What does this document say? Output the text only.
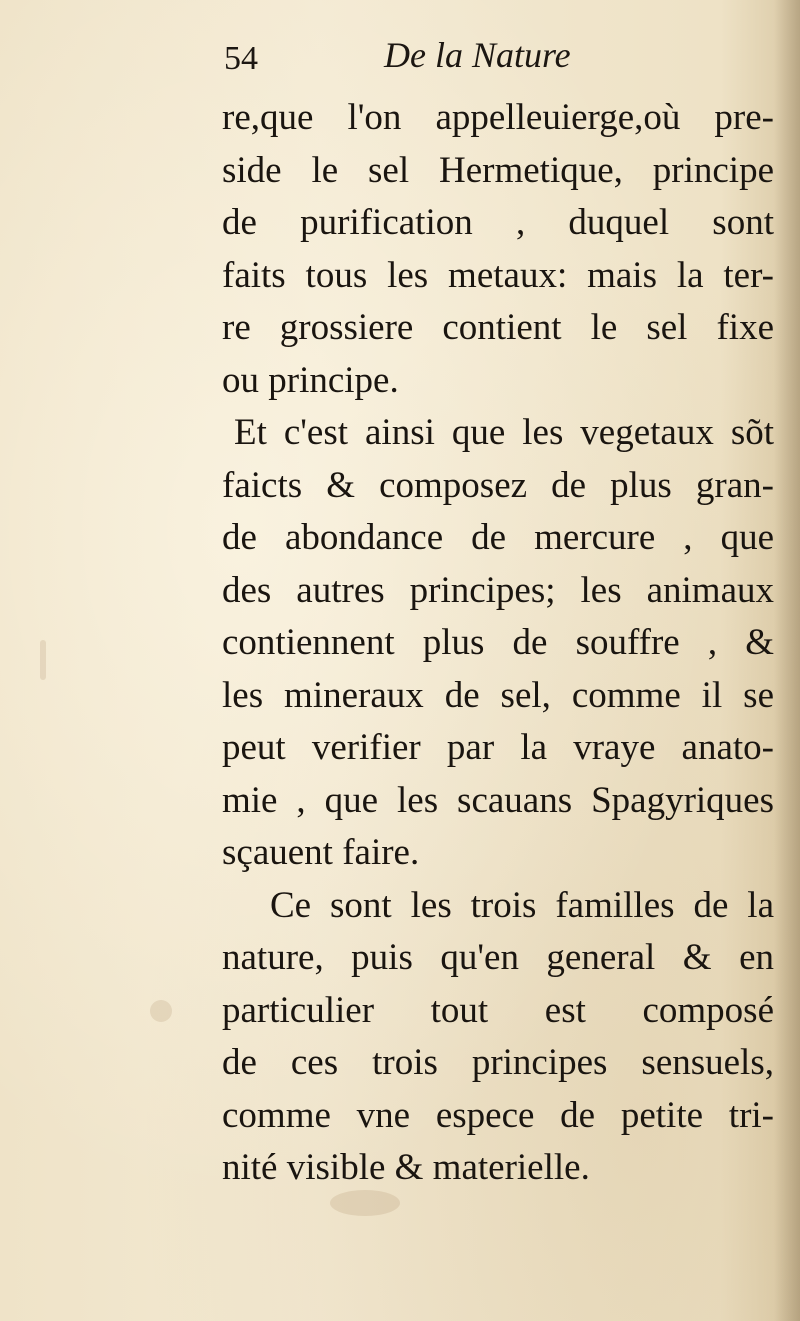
54	De la Nature
re,que l'on appelleuierge,où pre-
side le sel Hermetique, principe
de purification , duquel sont
faits tous les metaux: mais la ter-
re grossiere contient le sel fixe
ou principe.
Et c'est ainsi que les vegetaux sõt
faicts & composez de plus gran-
de abondance de mercure , que
des autres principes; les animaux
contiennent plus de souffre , &
les mineraux de sel, comme il se
peut verifier par la vraye anato-
mie , que les scauans Spagyriques
sçauent faire.
Ce sont les trois familles de la
nature, puis qu'en general & en
particulier tout est composé
de ces trois principes sensuels,
comme vne espece de petite tri-
nité visible & materielle.
